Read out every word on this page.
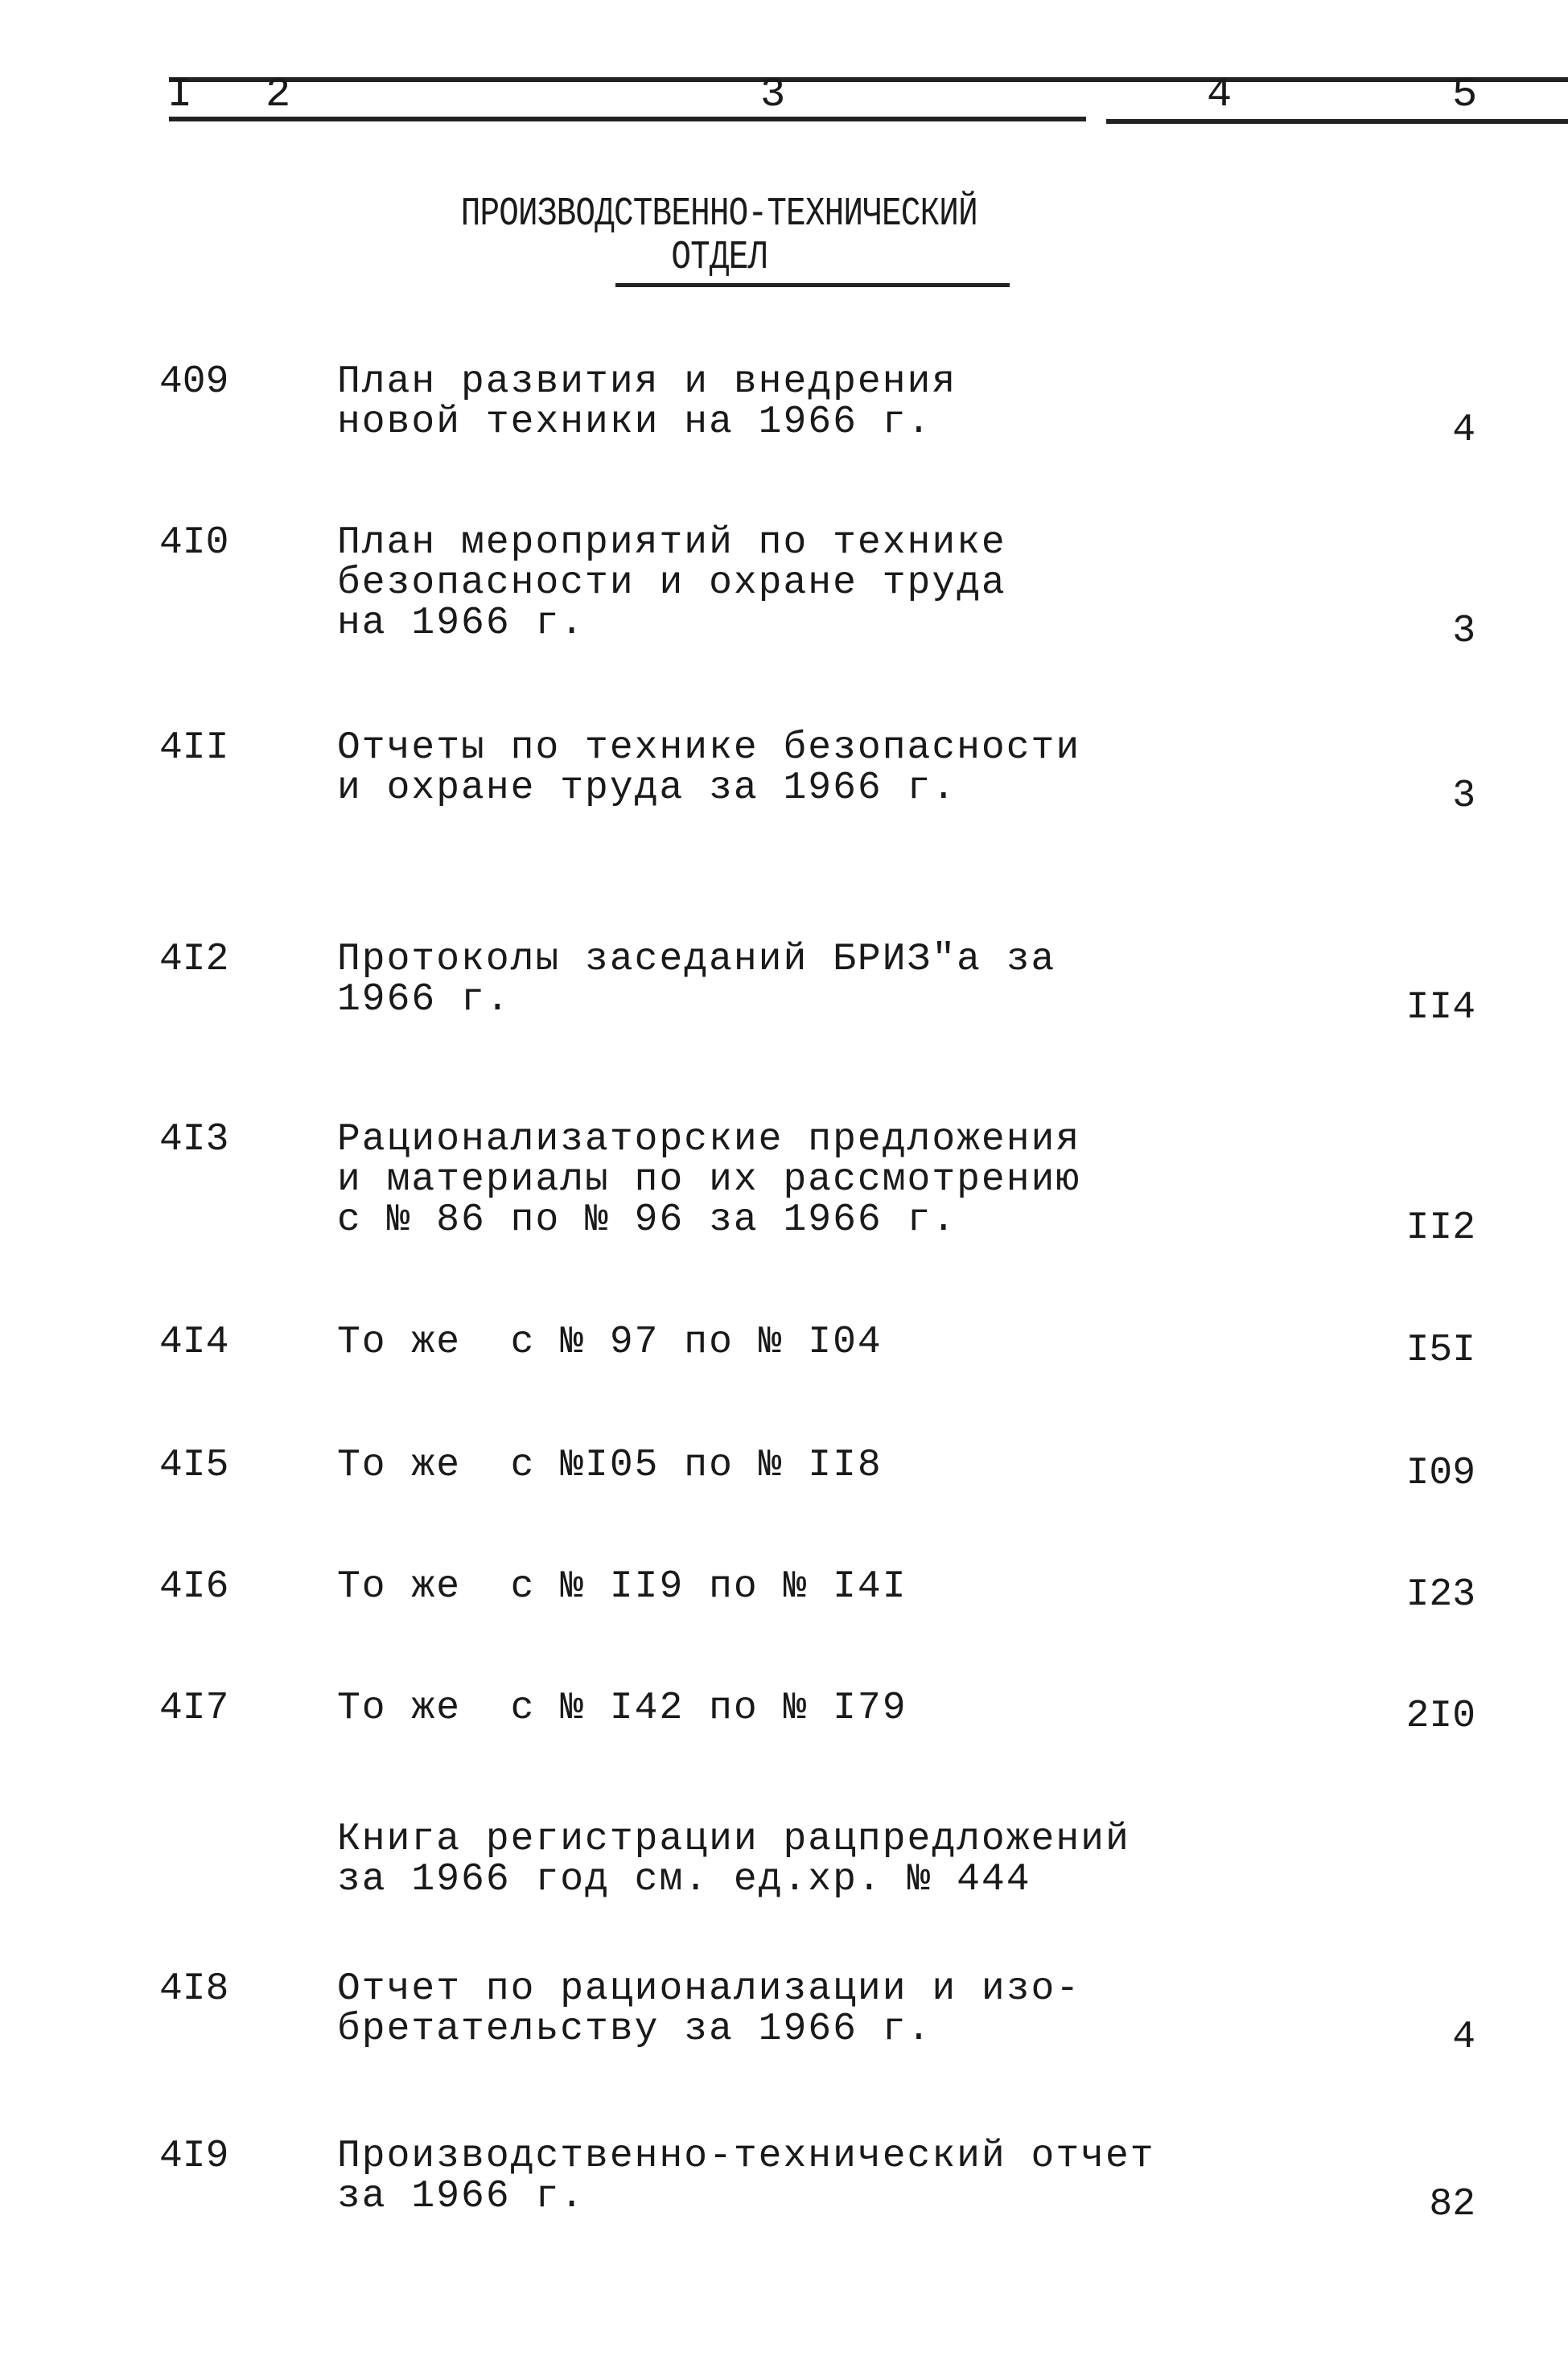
I 2	3	4	5
ПРОИЗВОДСТВЕННО-ТЕХНИЧЕСКИЙ
ОТДЕЛ
409	План развития и внедрения
новой техники на 1966 г.	4
4I0	План мероприятий по технике
безопасности и охране труда
на 1966 г.	3
4II	Отчеты по технике безопасности
и охране труда за 1966 г.	3
4I2	Протоколы заседаний БРИЗ"а за
1966 г.	II4
4I3	Рационализаторские предложения
и материалы по их рассмотрению
с № 86 по № 96 за 1966 г.	II2
4I4	То же  с № 97 по № I04	I5I
4I5	То же  с №I05 по № II8	I09
4I6	То же  с № II9 по № I4I	I23
4I7	То же  с № I42 по № I79	2I0
Книга регистрации рацпредложений
за 1966 год см. ед.хр. № 444
4I8	Отчет по рационализации и изо-
бретательству за 1966 г.	4
4I9	Производственно-технический отчет
за 1966 г.	82
